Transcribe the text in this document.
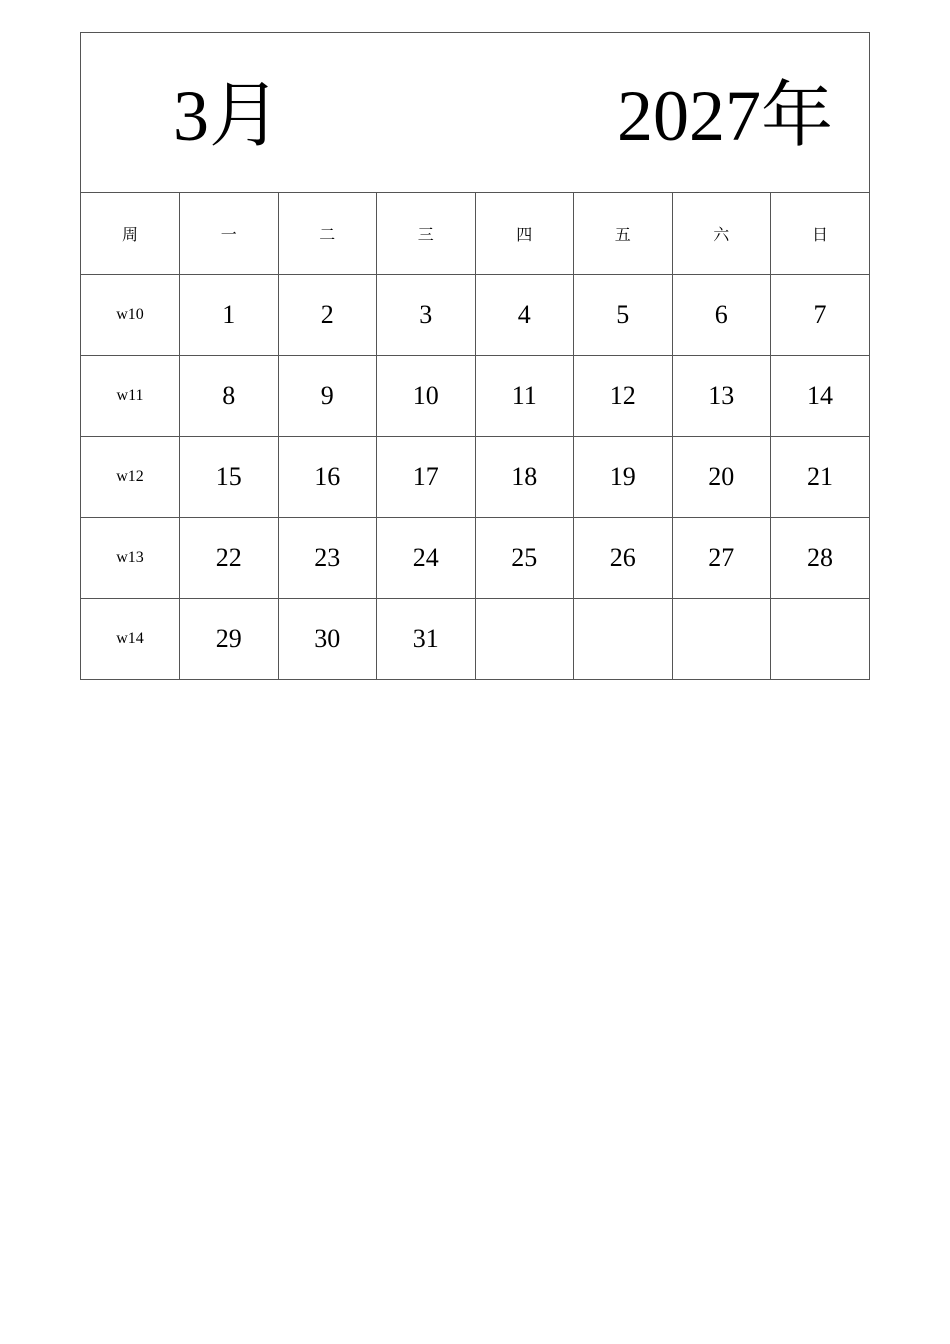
3月	2027年
周	一	二	三	四	五	六	日
w10	1	2	3	4	5	6	7
w11	8	9	10	11	12	13	14
w12	15	16	17	18	19	20	21
w13	22	23	24	25	26	27	28
w14	29	30	31				
